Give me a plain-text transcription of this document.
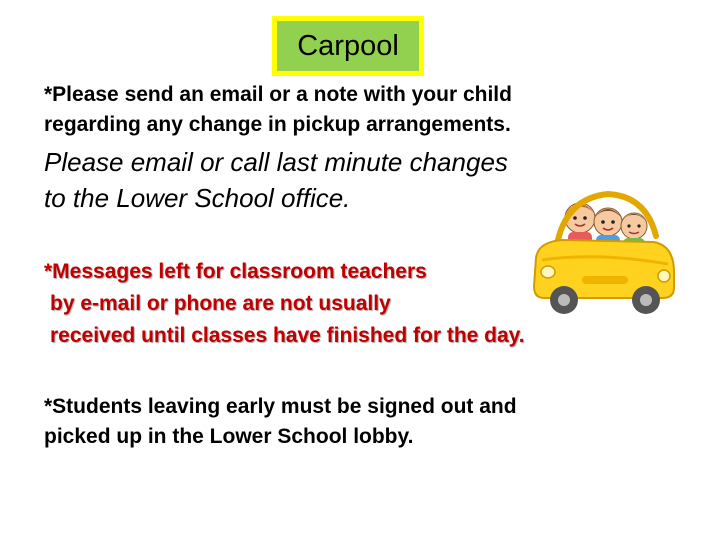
Carpool

*Please send an email or a note with your child
regarding any change in pickup arrangements.

Please email or call last minute changes
to the Lower School office.

*Messages left for classroom teachers
by e-mail or phone are not usually
received until classes have finished for the day.

*Students leaving early must be signed out and
picked up in the Lower School lobby.
